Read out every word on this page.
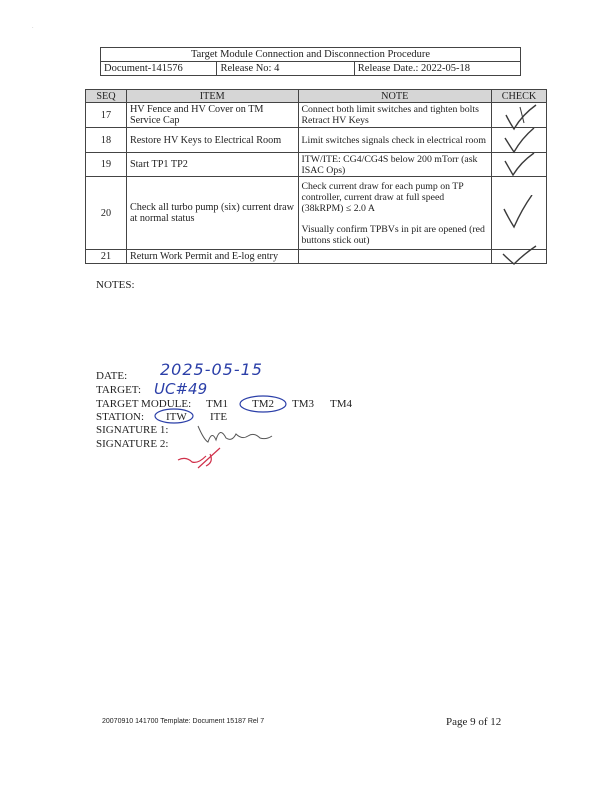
·
Target Module Connection and Disconnection Procedure
Document-141576	Release No: 4	Release Date.: 2022-05-18
SEQ	ITEM	NOTE	CHECK
17	HV Fence and HV Cover on TM Service Cap	Connect both limit switches and tighten bolts Retract HV Keys	

18	Restore HV Keys to Electrical Room	Limit switches signals check in electrical room	

19	Start TP1 TP2	ITW/ITE: CG4/CG4S below 200 mTorr (ask ISAC Ops)	

20	Check all turbo pump (six) current draw at normal status	Check current draw for each pump on TP controller, current draw at full speed (38kRPM) ≤ 2.0 A
Visually confirm TPBVs in pit are opened (red buttons stick out)

21	Return Work Permit and E-log entry		
NOTES:
DATE: 2025-05-15
TARGET: UC#49
TARGET MODULE: TM1 TM2 TM3 TM4
STATION: ITW ITE
SIGNATURE 1:
SIGNATURE 2:
20070910 141700 Template: Document 15187 Rel 7	Page 9 of 12
